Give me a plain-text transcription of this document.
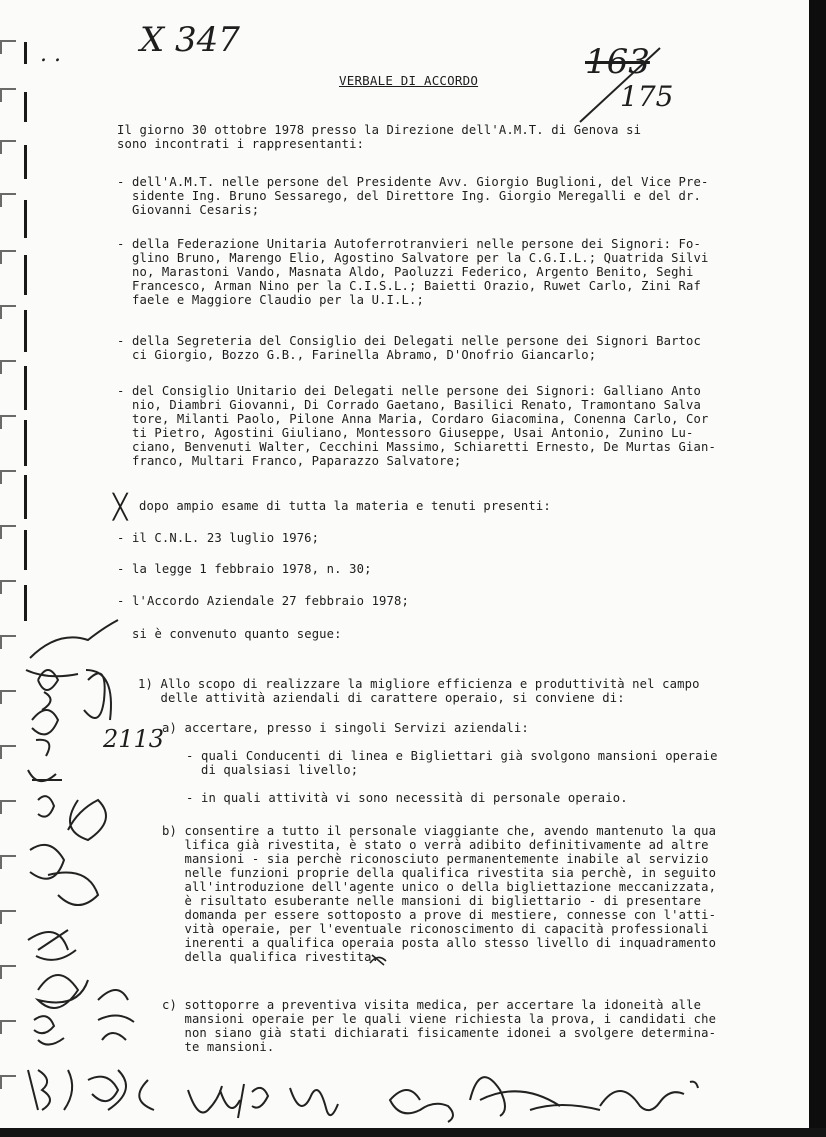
. . X 347
163
175
2113
VERBALE DI ACCORDO
Il giorno 30 ottobre 1978 presso la Direzione dell'A.M.T. di Genova si
sono incontrati i rappresentanti:
- dell'A.M.T. nelle persone del Presidente Avv. Giorgio Buglioni, del Vice Pre-
sidente Ing. Bruno Sessarego, del Direttore Ing. Giorgio Meregalli e del dr.
Giovanni Cesaris;
- della Federazione Unitaria Autoferrotranvieri nelle persone dei Signori: Fo-
glino Bruno, Marengo Elio, Agostino Salvatore per la C.G.I.L.; Quatrida Silvi
no, Marastoni Vando, Masnata Aldo, Paoluzzi Federico, Argento Benito, Seghi
Francesco, Arman Nino per la C.I.S.L.; Baietti Orazio, Ruwet Carlo, Zini Raf
faele e Maggiore Claudio per la U.I.L.;
- della Segreteria del Consiglio dei Delegati nelle persone dei Signori Bartoc
ci Giorgio, Bozzo G.B., Farinella Abramo, D'Onofrio Giancarlo;
- del Consiglio Unitario dei Delegati nelle persone dei Signori: Galliano Anto
nio, Diambri Giovanni, Di Corrado Gaetano, Basilici Renato, Tramontano Salva
tore, Milanti Paolo, Pilone Anna Maria, Cordaro Giacomina, Conenna Carlo, Cor
ti Pietro, Agostini Giuliano, Montessoro Giuseppe, Usai Antonio, Zunino Lu-
ciano, Benvenuti Walter, Cecchini Massimo, Schiaretti Ernesto, De Murtas Gian-
franco, Multari Franco, Paparazzo Salvatore;
╳ dopo ampio esame di tutta la materia e tenuti presenti:
- il C.N.L. 23 luglio 1976;
- la legge 1 febbraio 1978, n. 30;
- l'Accordo Aziendale 27 febbraio 1978;
si è convenuto quanto segue:
1) Allo scopo di realizzare la migliore efficienza e produttività nel campo
delle attività aziendali di carattere operaio, si conviene di:
a) accertare, presso i singoli Servizi aziendali:
- quali Conducenti di linea e Bigliettari già svolgono mansioni operaie
di qualsiasi livello;
- in quali attività vi sono necessità di personale operaio.
b) consentire a tutto il personale viaggiante che, avendo mantenuto la qua
lifica già rivestita, è stato o verrà adibito definitivamente ad altre
mansioni - sia perchè riconosciuto permanentemente inabile al servizio
nelle funzioni proprie della qualifica rivestita sia perchè, in seguito
all'introduzione dell'agente unico o della bigliettazione meccanizzata,
è risultato esuberante nelle mansioni di bigliettario - di presentare
domanda per essere sottoposto a prove di mestiere, connesse con l'atti-
vità operaie, per l'eventuale riconoscimento di capacità professionali
inerenti a qualifica operaia posta allo stesso livello di inquadramento
della qualifica rivestita.
c) sottoporre a preventiva visita medica, per accertare la idoneità alle
mansioni operaie per le quali viene richiesta la prova, i candidati che
non siano già stati dichiarati fisicamente idonei a svolgere determina-
te mansioni.
